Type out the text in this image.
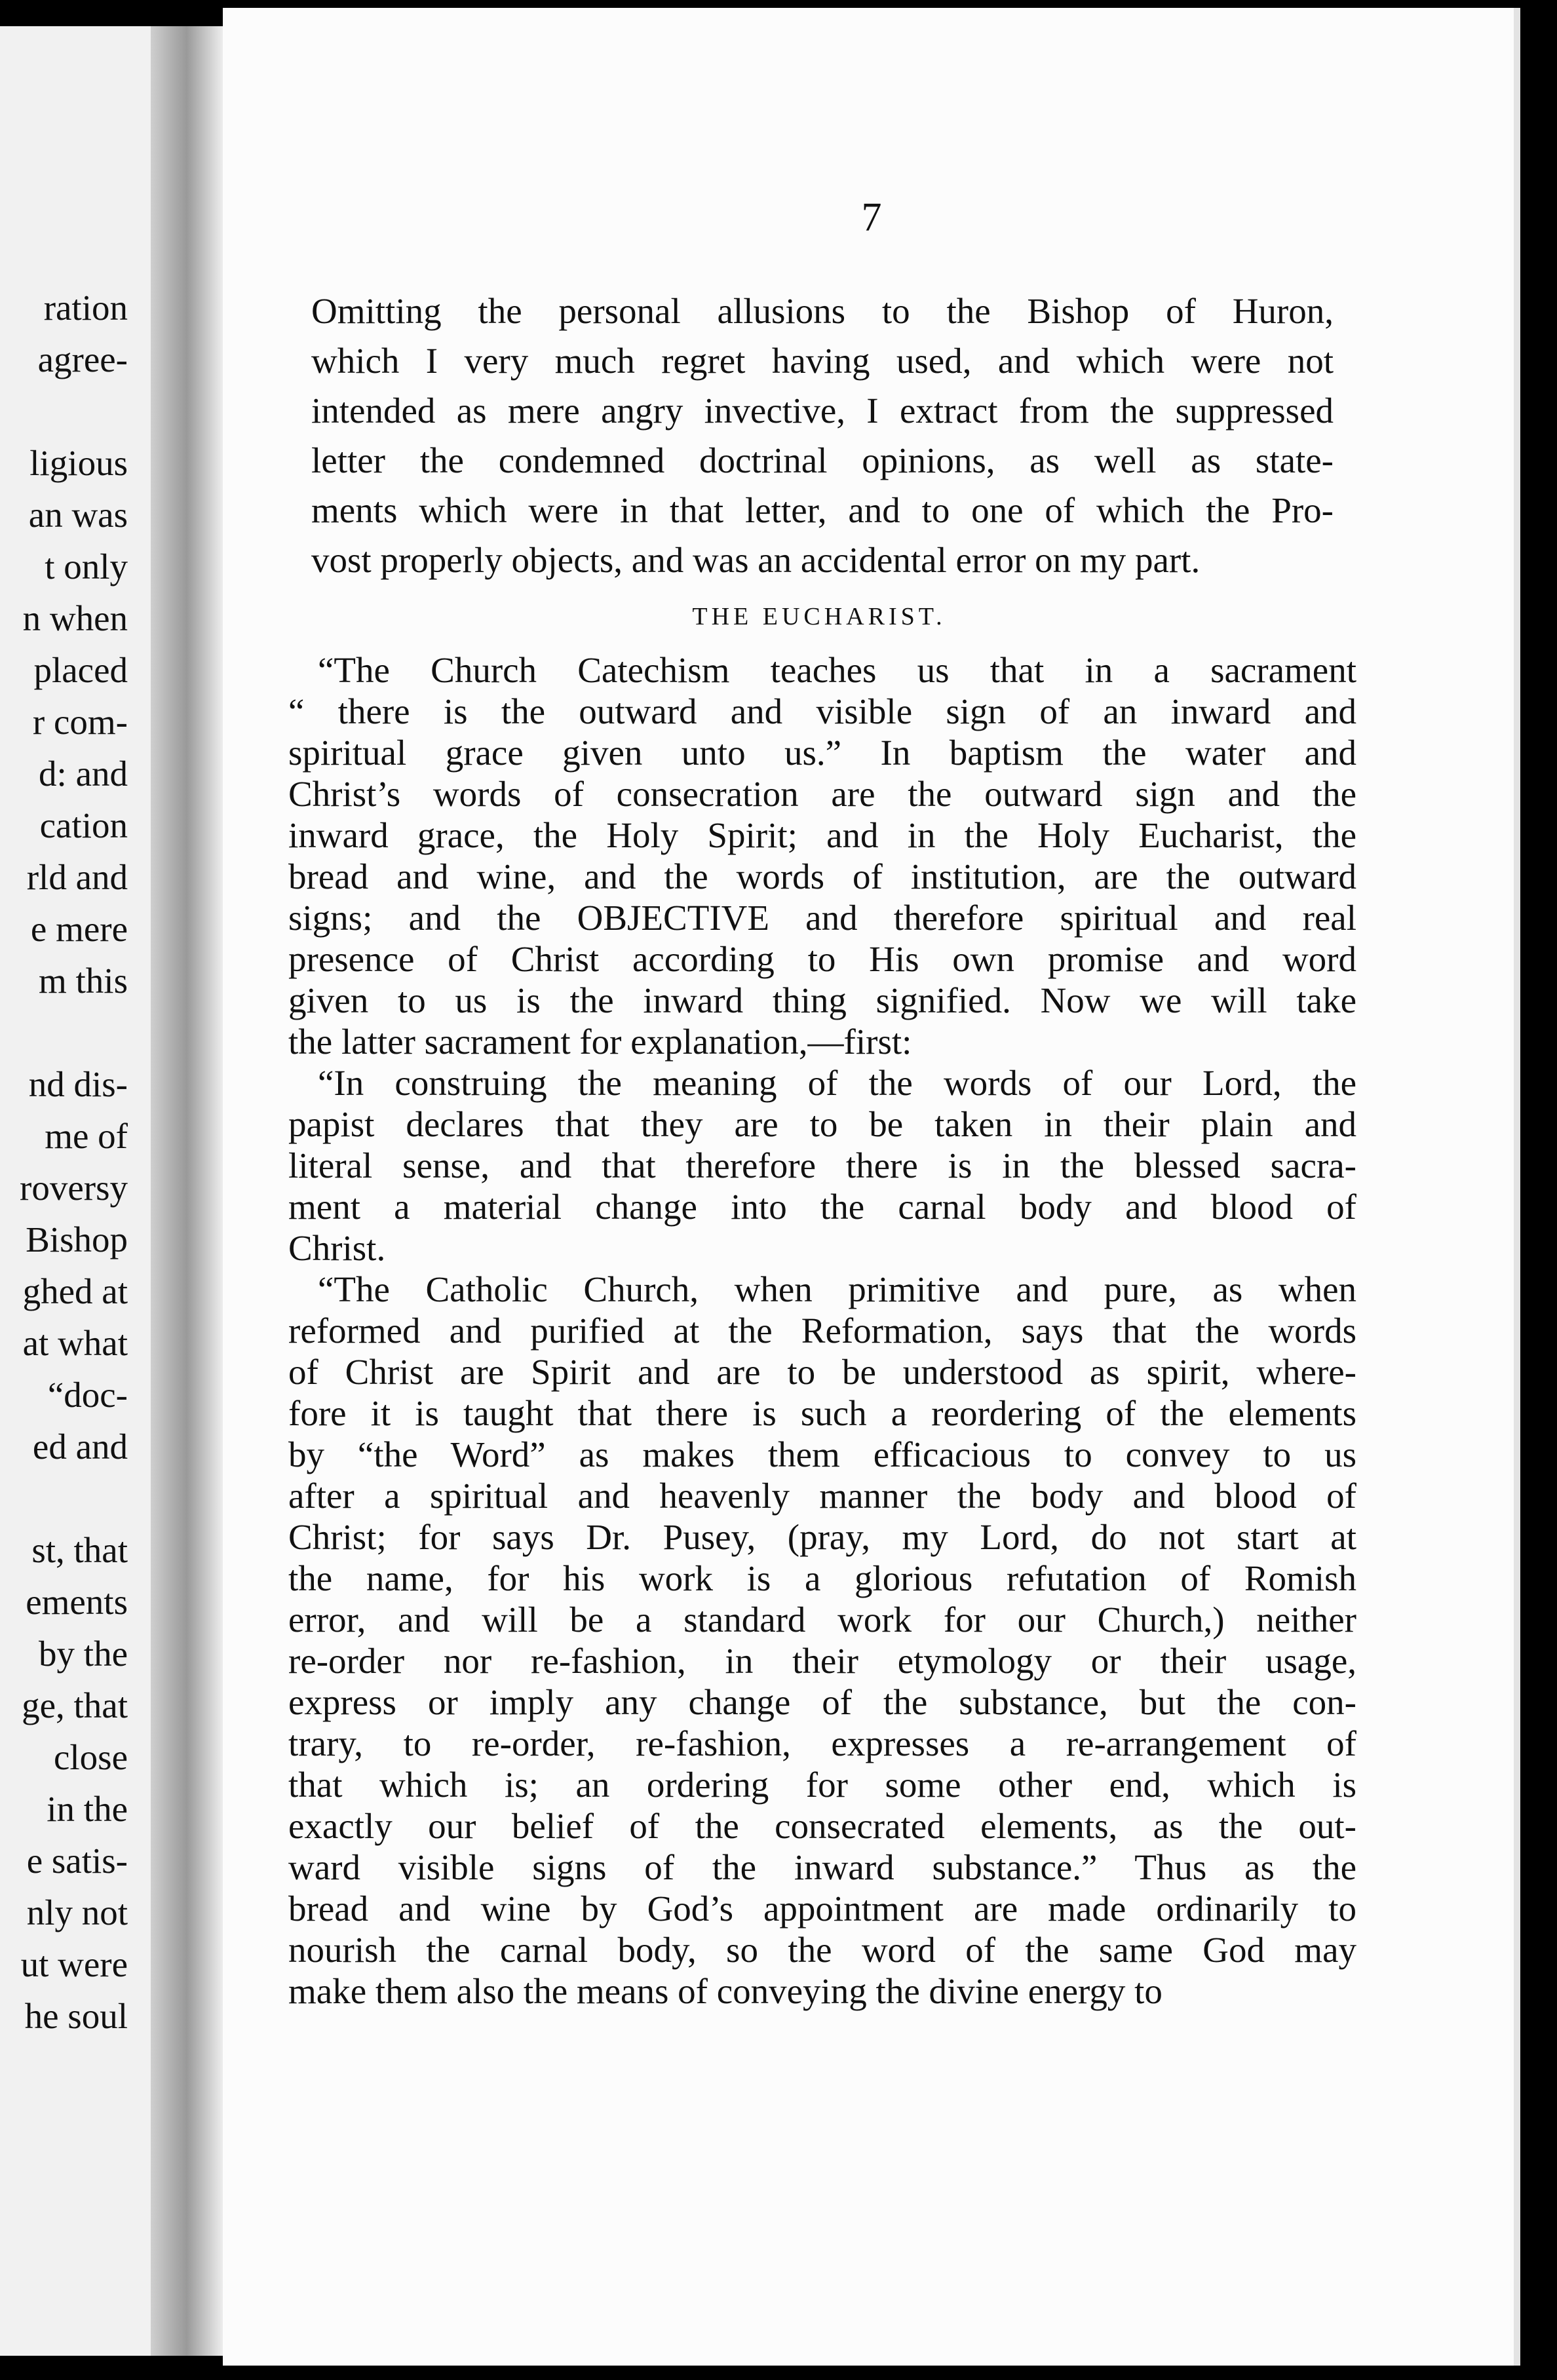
ration
agree-
ligious
an was
t only
n when
placed
r com-
d: and
cation
rld and
e mere
m this
nd dis-
me of
roversy
Bishop
ghed at
at what
“doc-
ed and
st, that
ements
by the
ge, that
close
in the
e satis-
nly not
ut were
he soul
7

Omitting the personal allusions to the Bishop of Huron,
which I very much regret having used, and which were not
intended as mere angry invective, I extract from the suppressed
letter the condemned doctrinal opinions, as well as state-
ments which were in that letter, and to one of which the Pro-
vost properly objects, and was an accidental error on my part.

THE EUCHARIST.

“The Church Catechism teaches us that in a sacrament
“ there is the outward and visible sign of an inward and
spiritual grace given unto us.” In baptism the water and
Christ’s words of consecration are the outward sign and the
inward grace, the Holy Spirit; and in the Holy Eucharist, the
bread and wine, and the words of institution, are the outward
signs; and the OBJECTIVE and therefore spiritual and real
presence of Christ according to His own promise and word
given to us is the inward thing signified. Now we will take
the latter sacrament for explanation,—first:

“In construing the meaning of the words of our Lord, the
papist declares that they are to be taken in their plain and
literal sense, and that therefore there is in the blessed sacra-
ment a material change into the carnal body and blood of
Christ.

“The Catholic Church, when primitive and pure, as when
reformed and purified at the Reformation, says that the words
of Christ are Spirit and are to be understood as spirit, where-
fore it is taught that there is such a reordering of the elements
by “the Word” as makes them efficacious to convey to us
after a spiritual and heavenly manner the body and blood of
Christ; for says Dr. Pusey, (pray, my Lord, do not start at
the name, for his work is a glorious refutation of Romish
error, and will be a standard work for our Church,) neither
re-order nor re-fashion, in their etymology or their usage,
express or imply any change of the substance, but the con-
trary, to re-order, re-fashion, expresses a re-arrangement of
that which is; an ordering for some other end, which is
exactly our belief of the consecrated elements, as the out-
ward visible signs of the inward substance.” Thus as the
bread and wine by God’s appointment are made ordinarily to
nourish the carnal body, so the word of the same God may
make them also the means of conveying the divine energy to
